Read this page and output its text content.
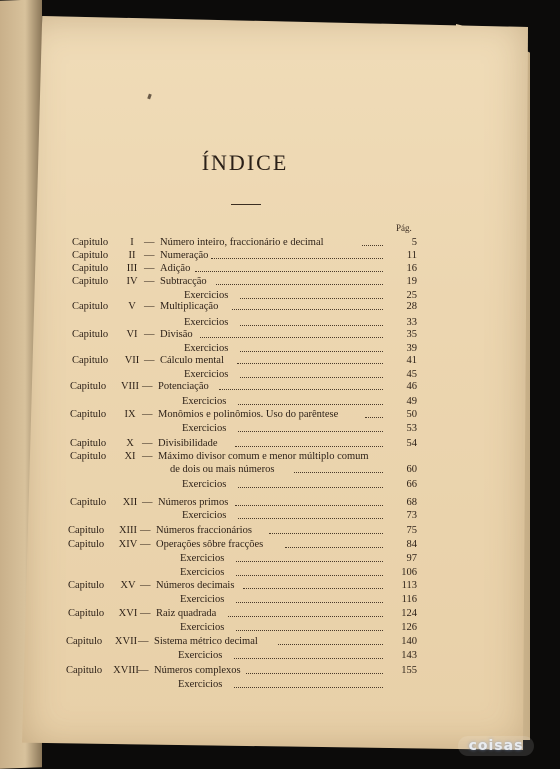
ÍNDICE
Pág.
Capitulo	I — Número inteiro, fraccionário e decimal	5
Capitulo	II — Numeração	11
Capitulo	III — Adição	16
Capitulo	IV — Subtracção	19
Exercicios	25
Capitulo	V — Multiplicação	28
Exercicios	33
Capitulo	VI — Divisão	35
Exercicios	39
Capitulo	VII — Cálculo mental	41
Exercicios	45
Capitulo	VIII — Potenciação	46
Exercicios	49
Capitulo	IX — Monômios e polinômios. Uso do parêntese	50
Exercicios	53
Capitulo	X — Divisibilidade	54
Capitulo	XI — Máximo divisor comum e menor múltiplo comum
de dois ou mais números	60
Exercicios	66
Capitulo	XII — Números primos	68
Exercicios	73
Capitulo	XIII — Números fraccionários	75
Capitulo	XIV — Operações sôbre fracções	84
Exercicios	97
Exercicios	106
Capitulo	XV — Números decimais	113
Exercicios	116
Capitulo	XVI — Raiz quadrada	124
Exercicios	126
Capitulo	XVII — Sistema métrico decimal	140
Exercicios	143
Capitulo	XVIII — Números complexos	155
Exercicios
coisas
